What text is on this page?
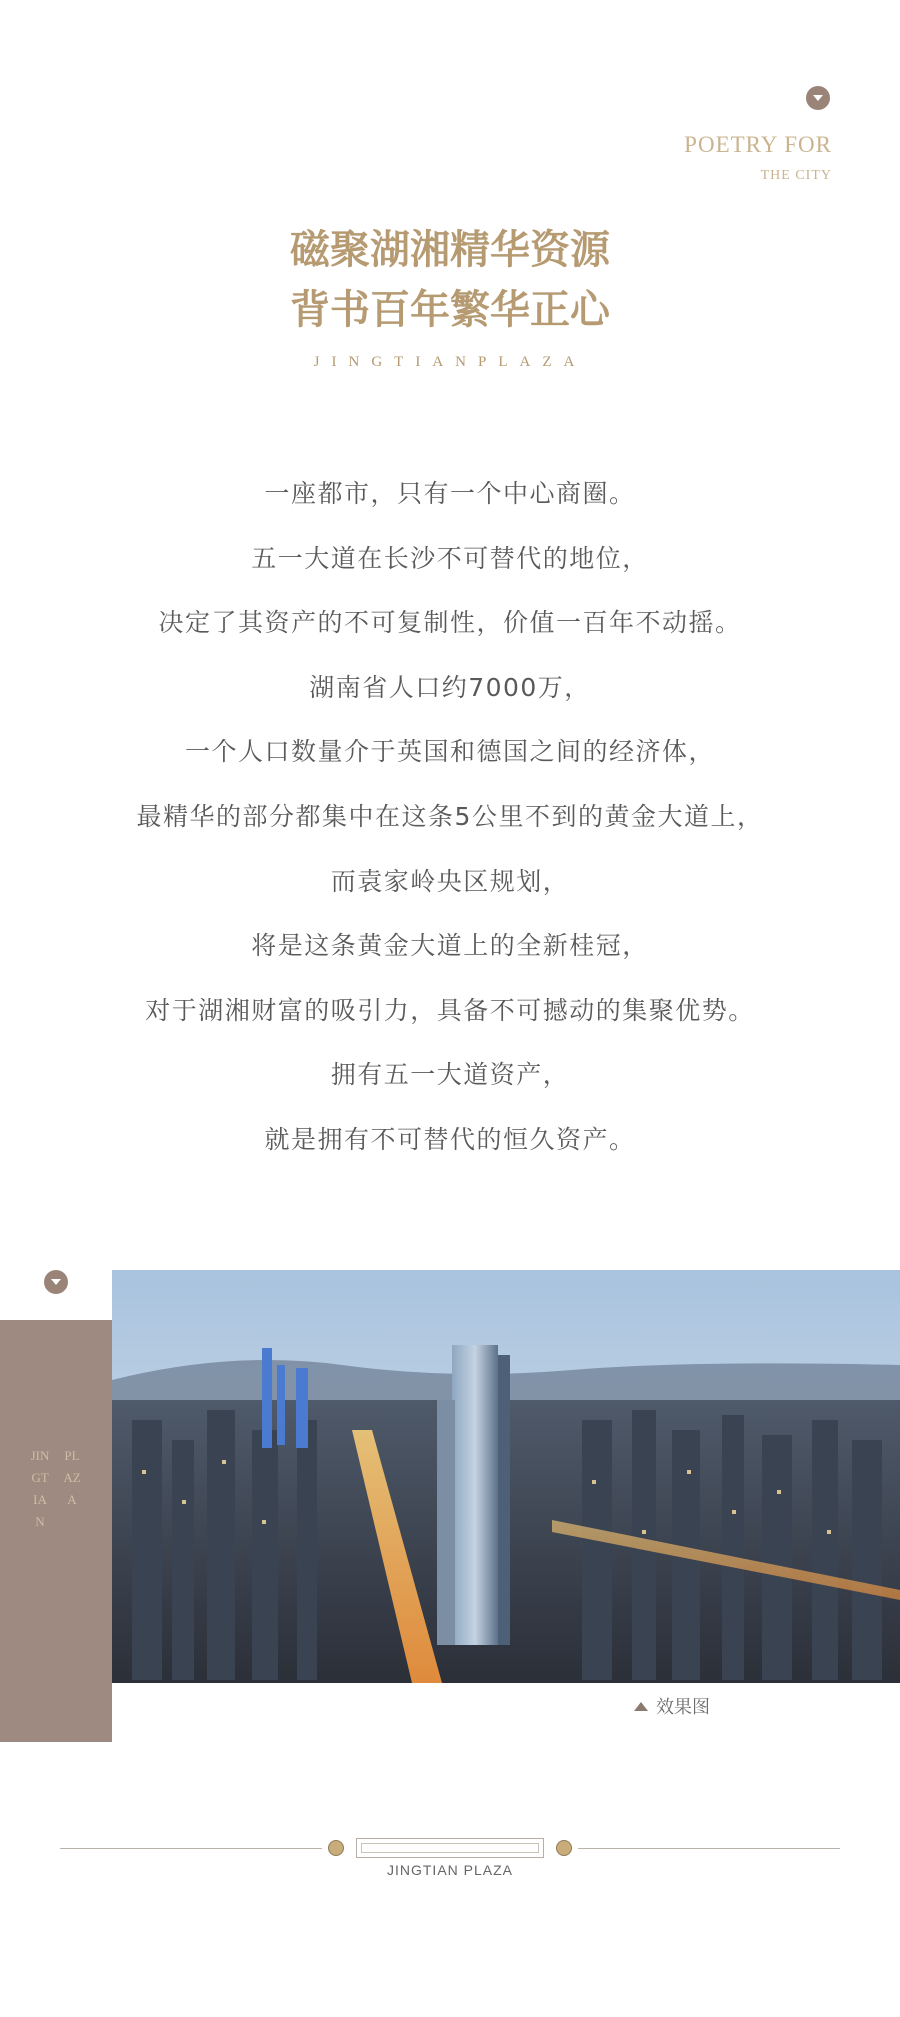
POETRY FOR
THE CITY
磁聚湖湘精华资源
背书百年繁华正心
JINGTIANPLAZA
一座都市，只有一个中心商圈。
五一大道在长沙不可替代的地位，
决定了其资产的不可复制性，价值一百年不动摇。
湖南省人口约7000万，
一个人口数量介于英国和德国之间的经济体，
最精华的部分都集中在这条5公里不到的黄金大道上，
而袁家岭央区规划，
将是这条黄金大道上的全新桂冠，
对于湖湘财富的吸引力，具备不可撼动的集聚优势。
拥有五一大道资产，
就是拥有不可替代的恒久资产。
JINGTIAN
PLAZA
效果图
JINGTIAN PLAZA
